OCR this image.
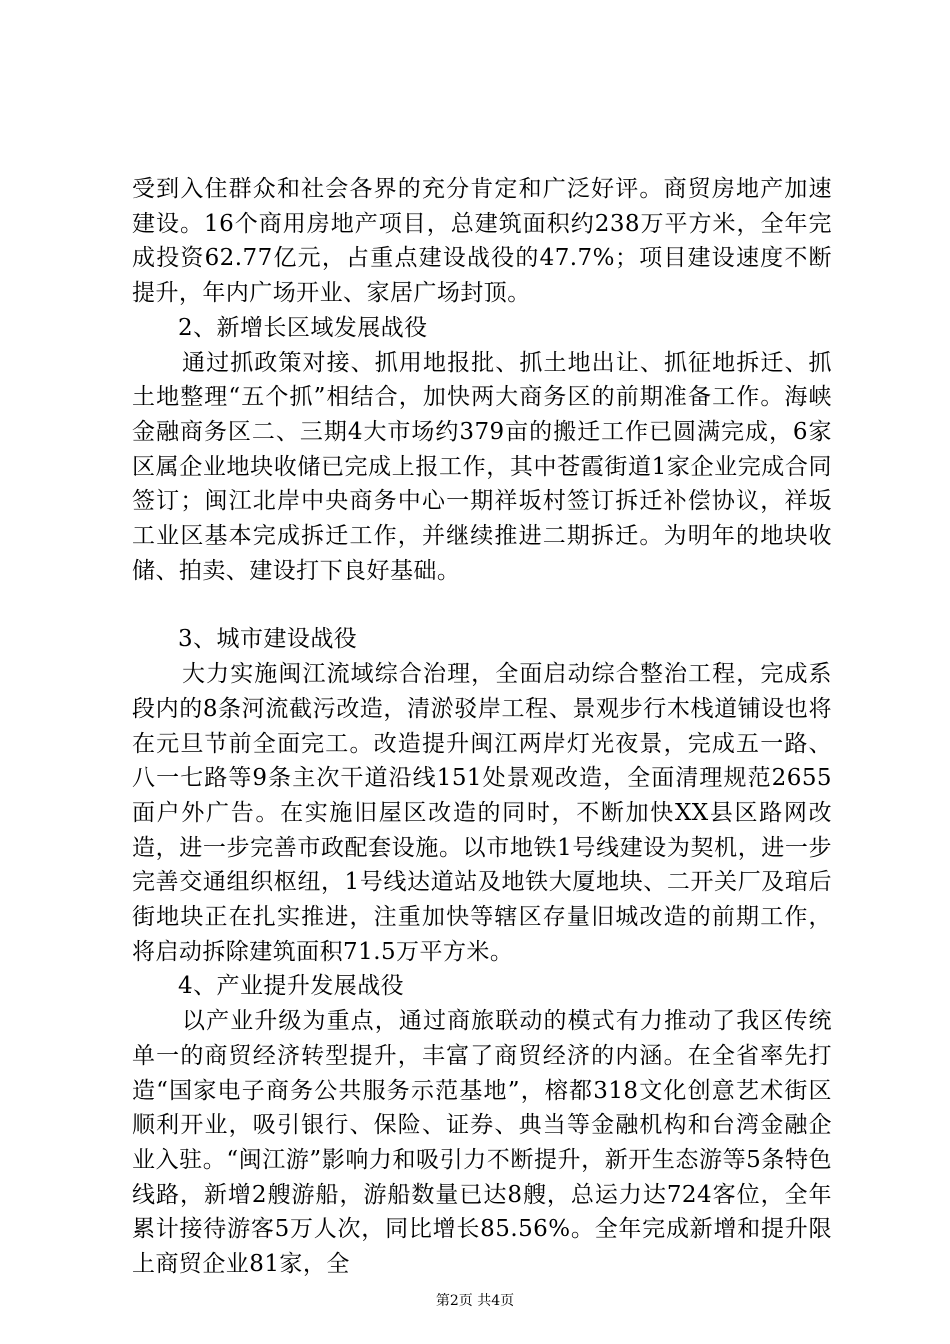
受到入住群众和社会各界的充分肯定和广泛好评。商贸房地产加速建设。16个商用房地产项目，总建筑面积约238万平方米，全年完成投资62.77亿元，占重点建设战役的47.7%；项目建设速度不断提升，年内广场开业、家居广场封顶。

2、新增长区域发展战役

通过抓政策对接、抓用地报批、抓土地出让、抓征地拆迁、抓土地整理“五个抓”相结合，加快两大商务区的前期准备工作。海峡金融商务区二、三期4大市场约379亩的搬迁工作已圆满完成，6家区属企业地块收储已完成上报工作，其中苍霞街道1家企业完成合同签订；闽江北岸中央商务中心一期祥坂村签订拆迁补偿协议，祥坂工业区基本完成拆迁工作，并继续推进二期拆迁。为明年的地块收储、拍卖、建设打下良好基础。

3、城市建设战役

大力实施闽江流域综合治理，全面启动综合整治工程，完成系段内的8条河流截污改造，清淤驳岸工程、景观步行木栈道铺设也将在元旦节前全面完工。改造提升闽江两岸灯光夜景，完成五一路、八一七路等9条主次干道沿线151处景观改造，全面清理规范2655面户外广告。在实施旧屋区改造的同时，不断加快XX县区路网改造，进一步完善市政配套设施。以市地铁1号线建设为契机，进一步完善交通组织枢纽，1号线达道站及地铁大厦地块、二开关厂及琯后街地块正在扎实推进，注重加快等辖区存量旧城改造的前期工作，将启动拆除建筑面积71.5万平方米。

4、产业提升发展战役

以产业升级为重点，通过商旅联动的模式有力推动了我区传统单一的商贸经济转型提升，丰富了商贸经济的内涵。在全省率先打造“国家电子商务公共服务示范基地”，榕都318文化创意艺术街区顺利开业，吸引银行、保险、证券、典当等金融机构和台湾金融企业入驻。“闽江游”影响力和吸引力不断提升，新开生态游等5条特色线路，新增2艘游船，游船数量已达8艘，总运力达724客位，全年累计接待游客5万人次，同比增长85.56%。全年完成新增和提升限上商贸企业81家，全

第2页 共4页
